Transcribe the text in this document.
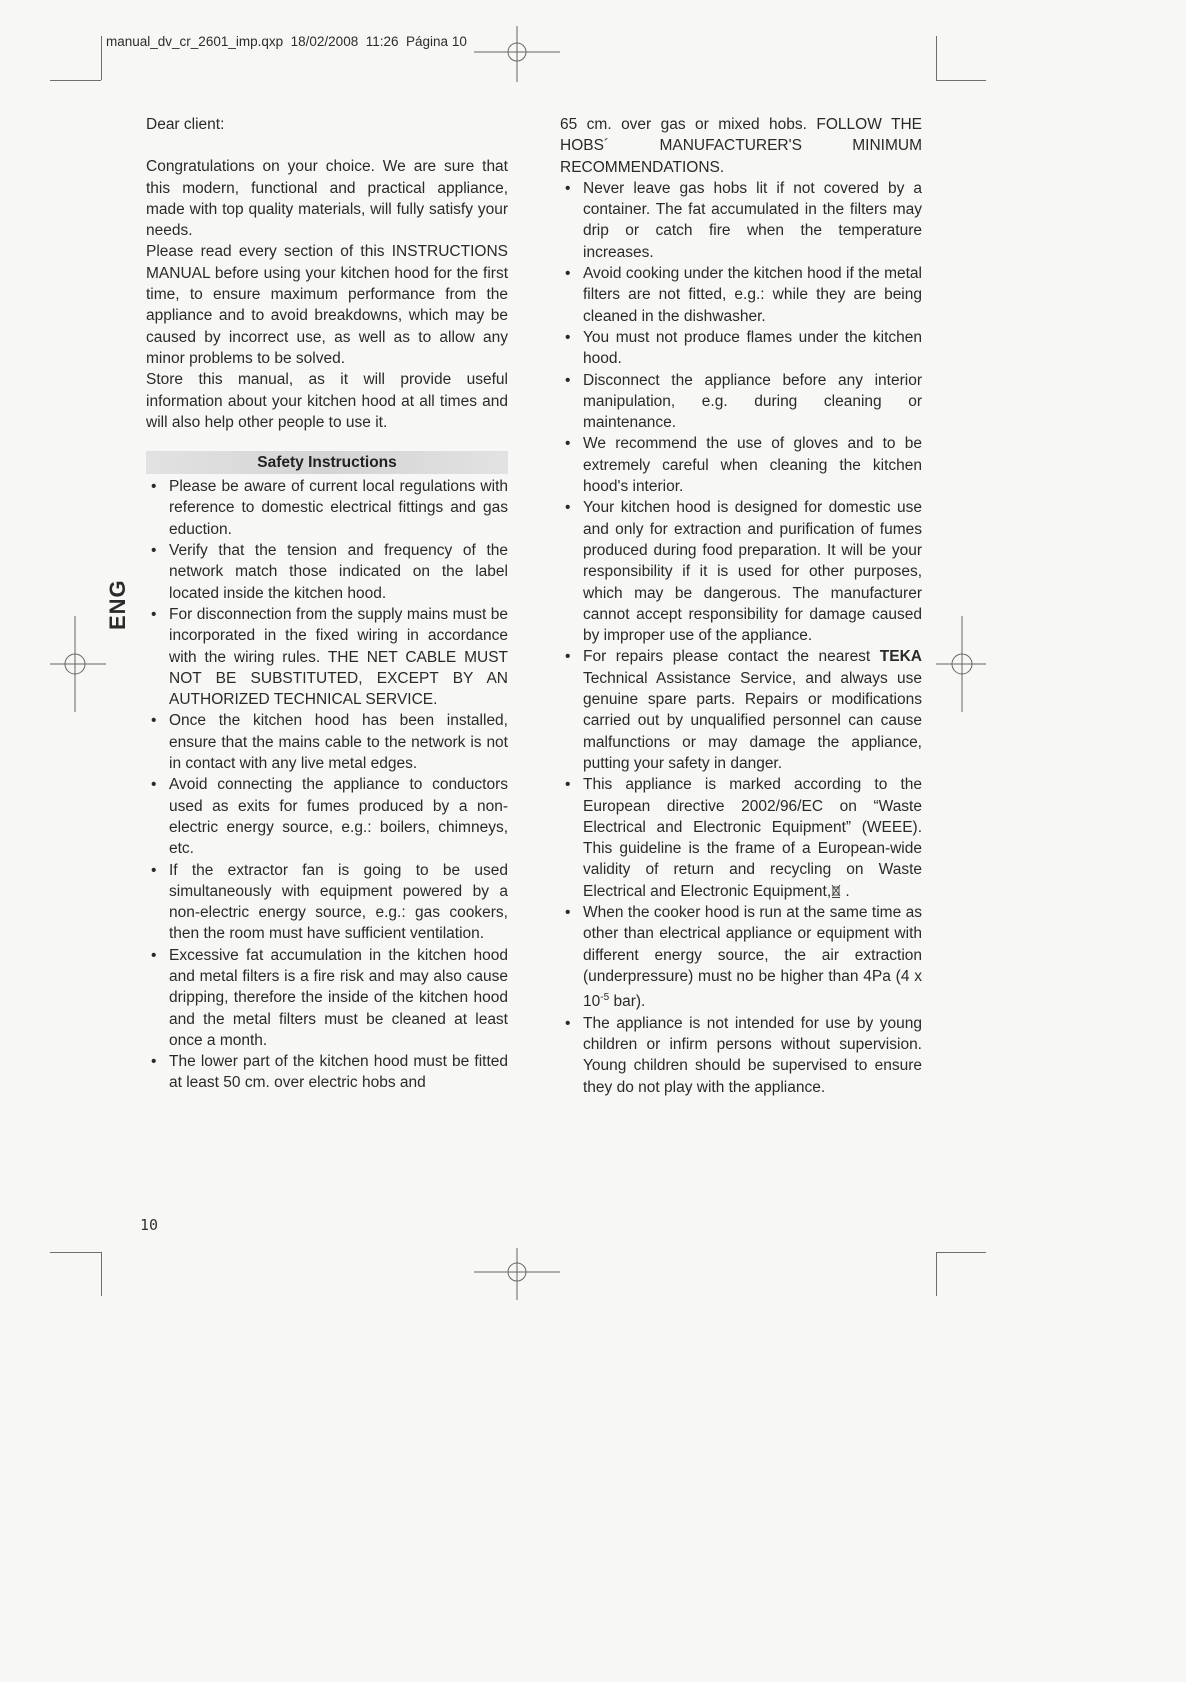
manual_dv_cr_2601_imp.qxp 18/02/2008 11:26 Página 10
ENG

Dear client:

Congratulations on your choice. We are sure that this modern, functional and practical appliance, made with top quality materials, will fully satisfy your needs.

Please read every section of this INSTRUCTIONS MANUAL before using your kitchen hood for the first time, to ensure maximum performance from the appliance and to avoid breakdowns, which may be caused by incorrect use, as well as to allow any minor problems to be solved.

Store this manual, as it will provide useful information about your kitchen hood at all times and will also help other people to use it.

Safety Instructions
• Please be aware of current local regulations with reference to domestic electrical fittings and gas eduction.
• Verify that the tension and frequency of the network match those indicated on the label located inside the kitchen hood.
• For disconnection from the supply mains must be incorporated in the fixed wiring in accordance with the wiring rules. THE NET CABLE MUST NOT BE SUBSTITUTED, EXCEPT BY AN AUTHORIZED TECHNICAL SERVICE.
• Once the kitchen hood has been installed, ensure that the mains cable to the network is not in contact with any live metal edges.
• Avoid connecting the appliance to conductors used as exits for fumes produced by a non-electric energy source, e.g.: boilers, chimneys, etc.
• If the extractor fan is going to be used simultaneously with equipment powered by a non-electric energy source, e.g.: gas cookers, then the room must have sufficient ventilation.
• Excessive fat accumulation in the kitchen hood and metal filters is a fire risk and may also cause dripping, therefore the inside of the kitchen hood and the metal filters must be cleaned at least once a month.
• The lower part of the kitchen hood must be fitted at least 50 cm. over electric hobs and

65 cm. over gas or mixed hobs. FOLLOW THE HOBS´ MANUFACTURER'S MINIMUM RECOMMENDATIONS.

• Never leave gas hobs lit if not covered by a container. The fat accumulated in the filters may drip or catch fire when the temperature increases.
• Avoid cooking under the kitchen hood if the metal filters are not fitted, e.g.: while they are being cleaned in the dishwasher.
• You must not produce flames under the kitchen hood.
• Disconnect the appliance before any interior manipulation, e.g. during cleaning or maintenance.
• We recommend the use of gloves and to be extremely careful when cleaning the kitchen hood's interior.
• Your kitchen hood is designed for domestic use and only for extraction and purification of fumes produced during food preparation. It will be your responsibility if it is used for other purposes, which may be dangerous. The manufacturer cannot accept responsibility for damage caused by improper use of the appliance.
• For repairs please contact the nearest TEKA Technical Assistance Service, and always use genuine spare parts. Repairs or modifications carried out by unqualified personnel can cause malfunctions or may damage the appliance, putting your safety in danger.
• This appliance is marked according to the European directive 2002/96/EC on “Waste Electrical and Electronic Equipment” (WEEE). This guideline is the frame of a European-wide validity of return and recycling on Waste Electrical and Electronic Equipment, .
• When the cooker hood is run at the same time as other than electrical appliance or equipment with different energy source, the air extraction (underpressure) must no be higher than 4Pa (4 x $10^{-5}$ bar).
• The appliance is not intended for use by young children or infirm persons without supervision. Young children should be supervised to ensure they do not play with the appliance.
10
